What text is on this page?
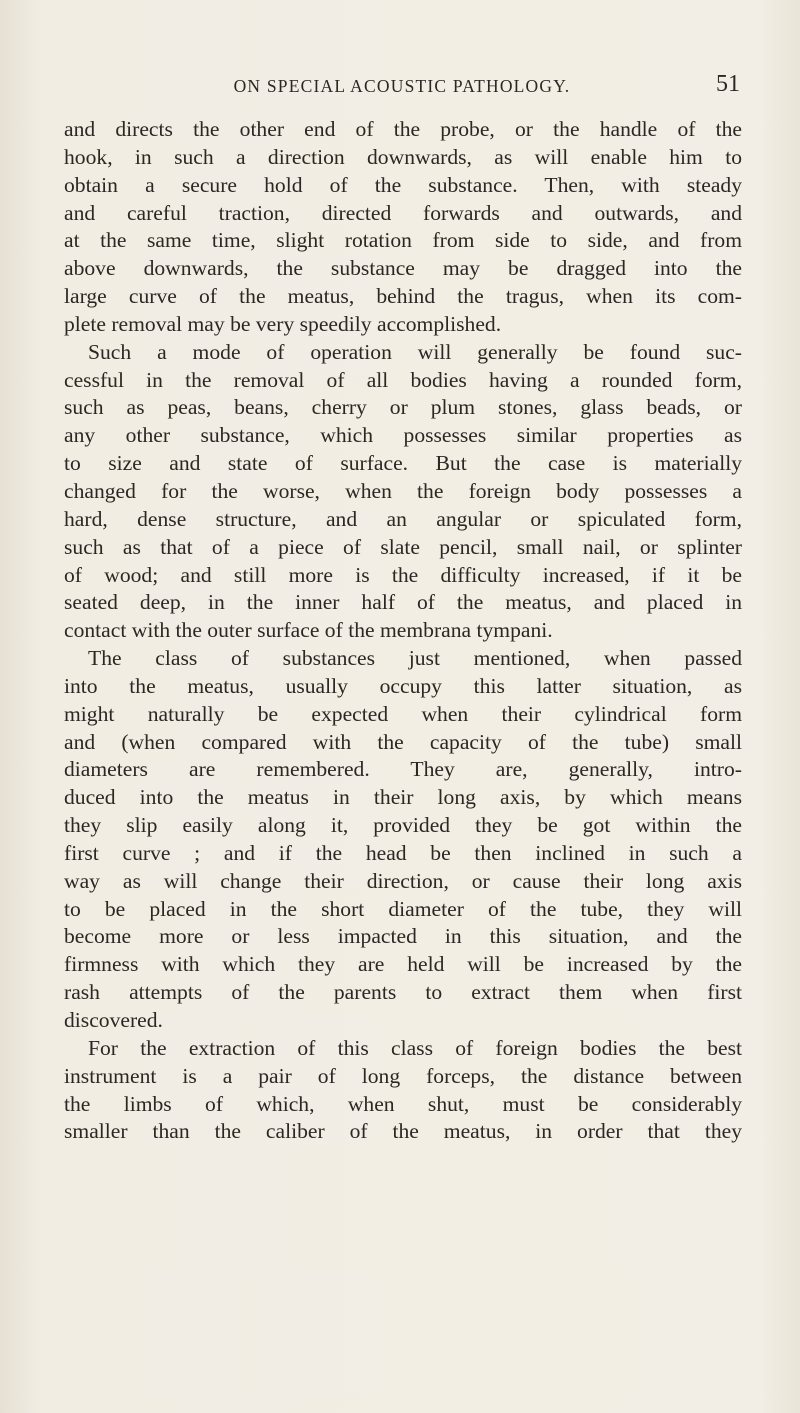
ON SPECIAL ACOUSTIC PATHOLOGY.	51
and directs the other end of the probe, or the handle of the
hook, in such a direction downwards, as will enable him to
obtain a secure hold of the substance. Then, with steady
and careful traction, directed forwards and outwards, and
at the same time, slight rotation from side to side, and from
above downwards, the substance may be dragged into the
large curve of the meatus, behind the tragus, when its com-
plete removal may be very speedily accomplished.
Such a mode of operation will generally be found suc-
cessful in the removal of all bodies having a rounded form,
such as peas, beans, cherry or plum stones, glass beads, or
any other substance, which possesses similar properties as
to size and state of surface. But the case is materially
changed for the worse, when the foreign body possesses a
hard, dense structure, and an angular or spiculated form,
such as that of a piece of slate pencil, small nail, or splinter
of wood; and still more is the difficulty increased, if it be
seated deep, in the inner half of the meatus, and placed in
contact with the outer surface of the membrana tympani.
The class of substances just mentioned, when passed
into the meatus, usually occupy this latter situation, as
might naturally be expected when their cylindrical form
and (when compared with the capacity of the tube) small
diameters are remembered. They are, generally, intro-
duced into the meatus in their long axis, by which means
they slip easily along it, provided they be got within the
first curve ; and if the head be then inclined in such a
way as will change their direction, or cause their long axis
to be placed in the short diameter of the tube, they will
become more or less impacted in this situation, and the
firmness with which they are held will be increased by the
rash attempts of the parents to extract them when first
discovered.
For the extraction of this class of foreign bodies the best
instrument is a pair of long forceps, the distance between
the limbs of which, when shut, must be considerably
smaller than the caliber of the meatus, in order that they
